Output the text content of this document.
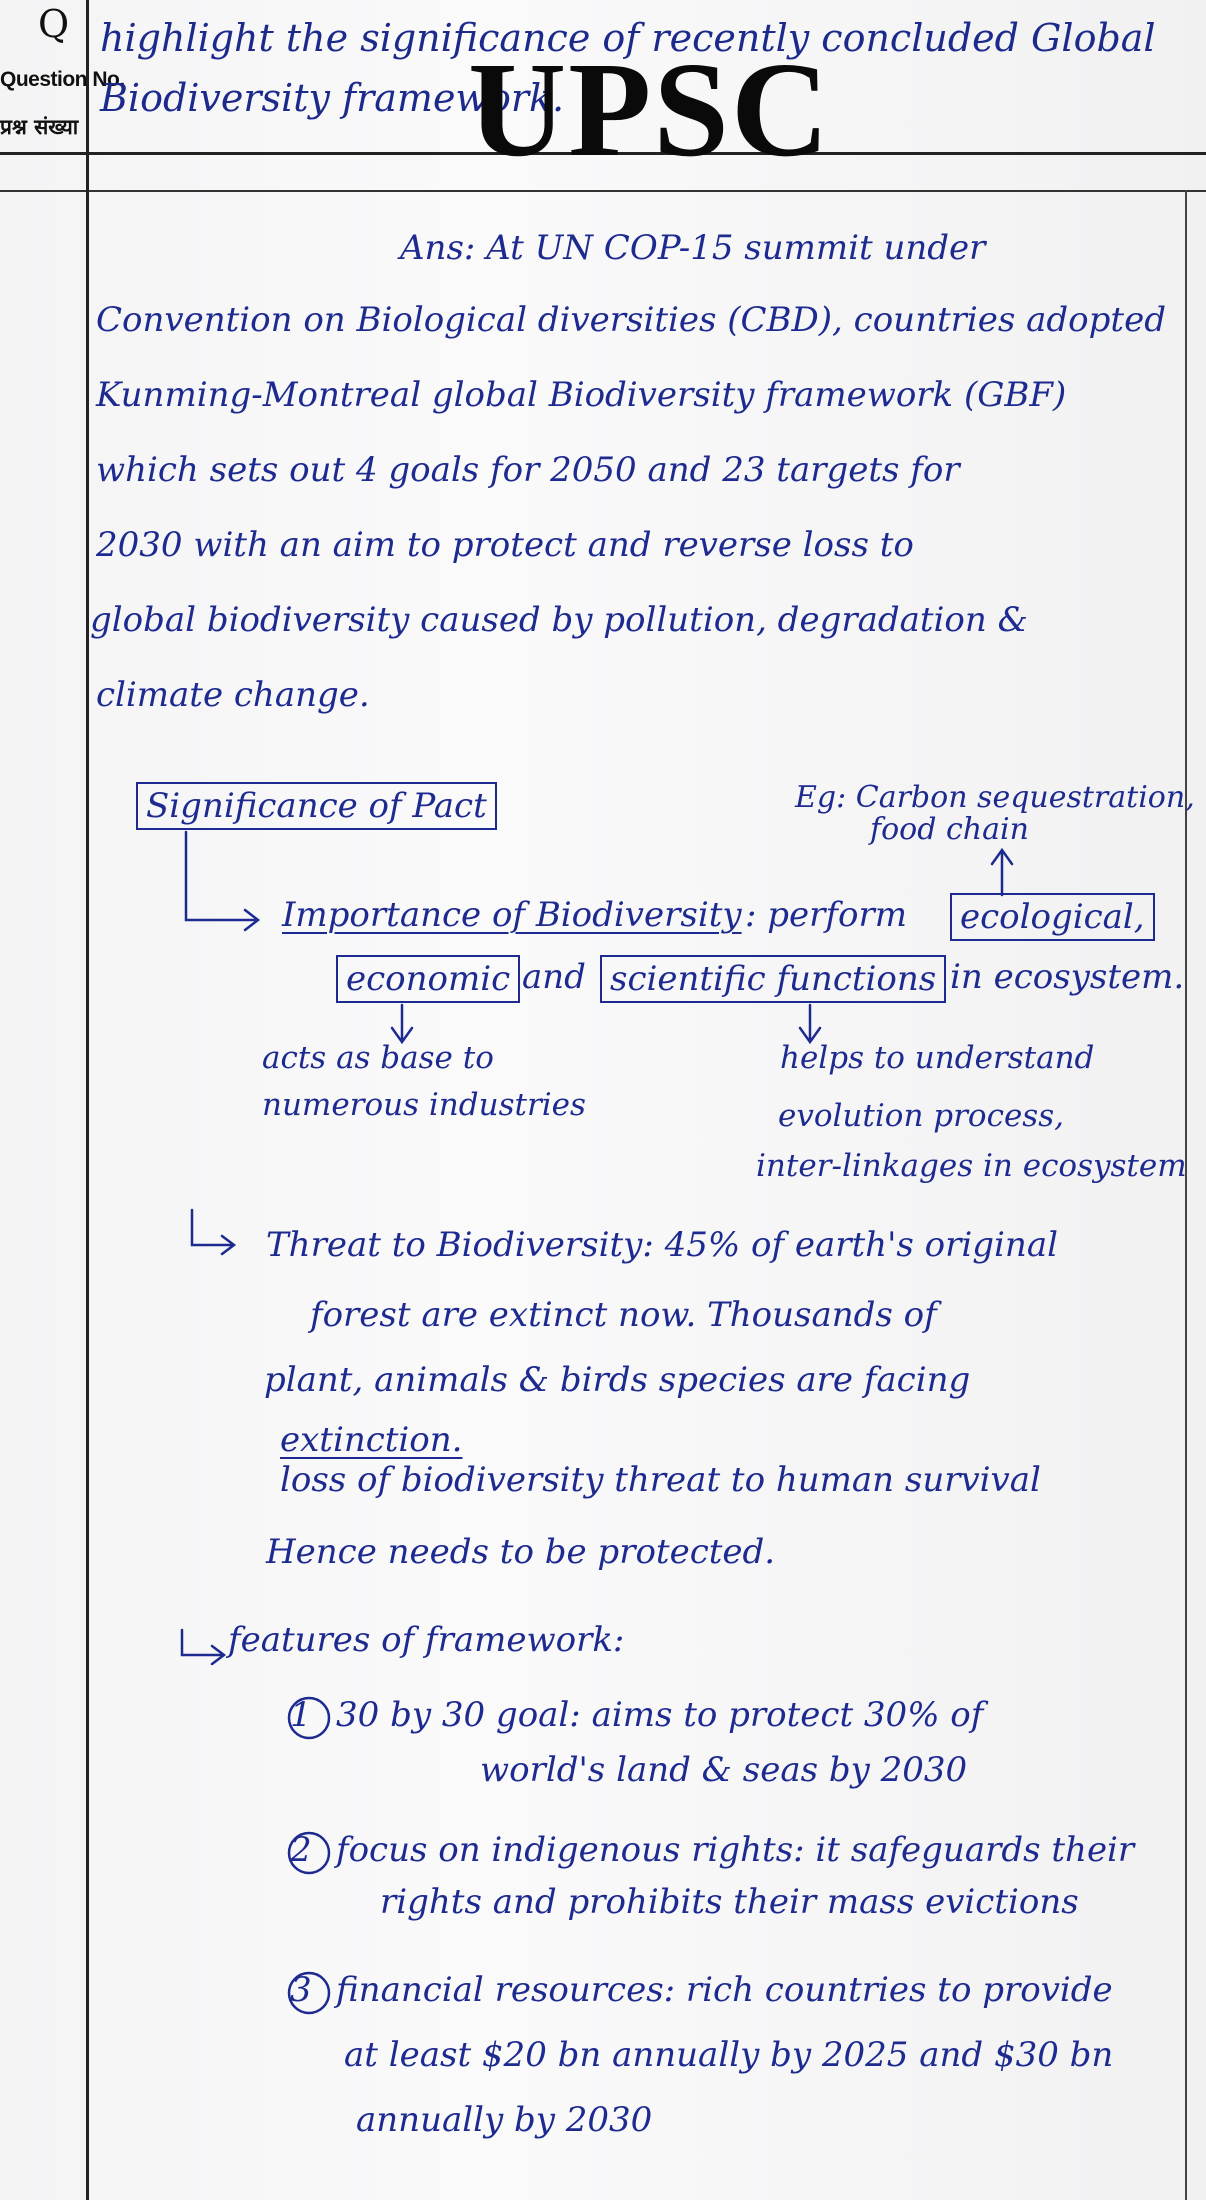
Q
Question No.
प्रश्न संख्या
highlight the significance of recently concluded Global Biodiversity framework.
UPSC
Ans: At UN COP-15 summit under
Convention on Biological diversities (CBD), countries adopted
Kunming-Montreal global Biodiversity framework (GBF)
which sets out 4 goals for 2050 and 23 targets for
2030 with an aim to protect and reverse loss to
global biodiversity caused by pollution, degradation &
climate change.
Significance of Pact	Eg: Carbon sequestration,
food chain
Importance of Biodiversity : perform ecological,
economic and scientific functions in ecosystem.
acts as base to
numerous industries
helps to understand
evolution process,
inter-linkages in ecosystem
Threat to Biodiversity: 45% of earth's original
forest are extinct now. Thousands of
plant, animals & birds species are facing
extinction.
loss of biodiversity threat to human survival
Hence needs to be protected.
features of framework:
1 30 by 30 goal: aims to protect 30% of
world's land & seas by 2030
2 focus on indigenous rights: it safeguards their
rights and prohibits their mass evictions
3 financial resources: rich countries to provide
at least $20 bn annually by 2025 and $30 bn
annually by 2030
